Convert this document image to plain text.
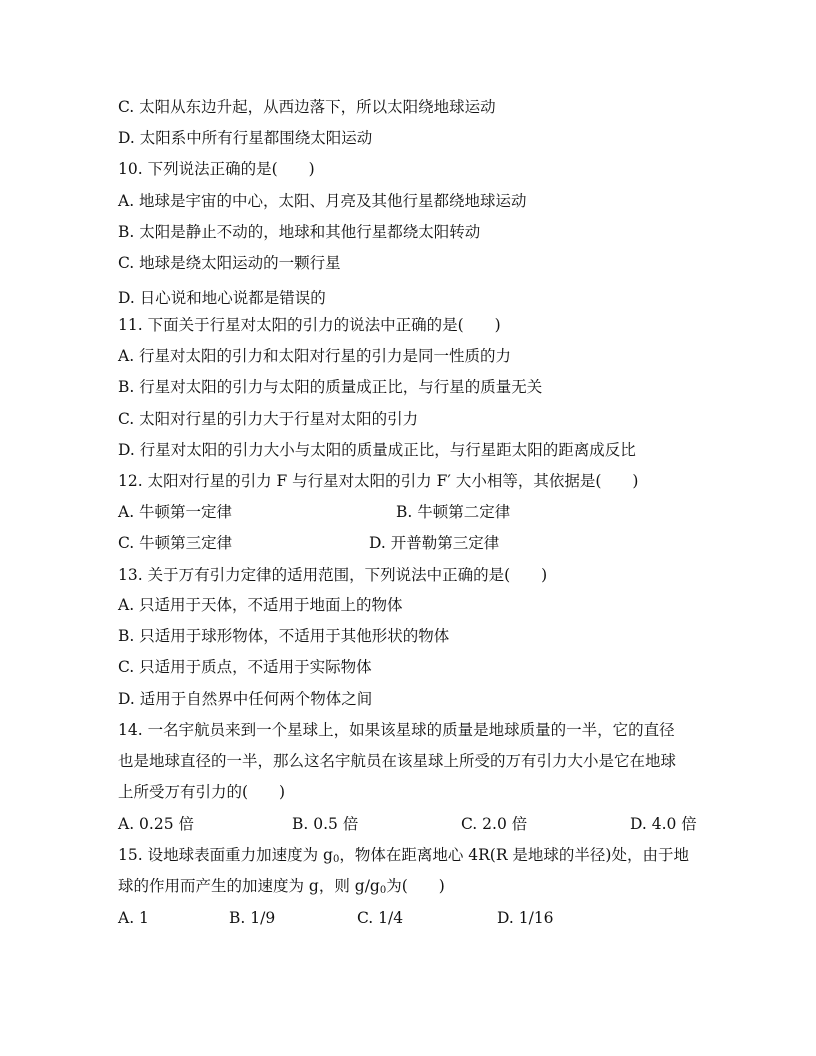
C. 太阳从东边升起，从西边落下，所以太阳绕地球运动
D. 太阳系中所有行星都围绕太阳运动
10. 下列说法正确的是(　　)
A. 地球是宇宙的中心，太阳、月亮及其他行星都绕地球运动
B. 太阳是静止不动的，地球和其他行星都绕太阳转动
C. 地球是绕太阳运动的一颗行星
D. 日心说和地心说都是错误的
11. 下面关于行星对太阳的引力的说法中正确的是(　　)
A. 行星对太阳的引力和太阳对行星的引力是同一性质的力
B. 行星对太阳的引力与太阳的质量成正比，与行星的质量无关
C. 太阳对行星的引力大于行星对太阳的引力
D. 行星对太阳的引力大小与太阳的质量成正比，与行星距太阳的距离成反比
12. 太阳对行星的引力 F 与行星对太阳的引力 F′ 大小相等，其依据是(　　)
A. 牛顿第一定律	B. 牛顿第二定律
C. 牛顿第三定律	D. 开普勒第三定律
13. 关于万有引力定律的适用范围，下列说法中正确的是(　　)
A. 只适用于天体，不适用于地面上的物体
B. 只适用于球形物体，不适用于其他形状的物体
C. 只适用于质点，不适用于实际物体
D. 适用于自然界中任何两个物体之间
14. 一名宇航员来到一个星球上，如果该星球的质量是地球质量的一半，它的直径
也是地球直径的一半，那么这名宇航员在该星球上所受的万有引力大小是它在地球
上所受万有引力的(　　)
A. 0.25 倍	B. 0.5 倍	C. 2.0 倍	D. 4.0 倍
15. 设地球表面重力加速度为 $g_0$，物体在距离地心 4R(R 是地球的半径)处，由于地
球的作用而产生的加速度为 g，则 $g/g_0$为(　　)
A. 1	B. 1/9	C. 1/4	D. 1/16
